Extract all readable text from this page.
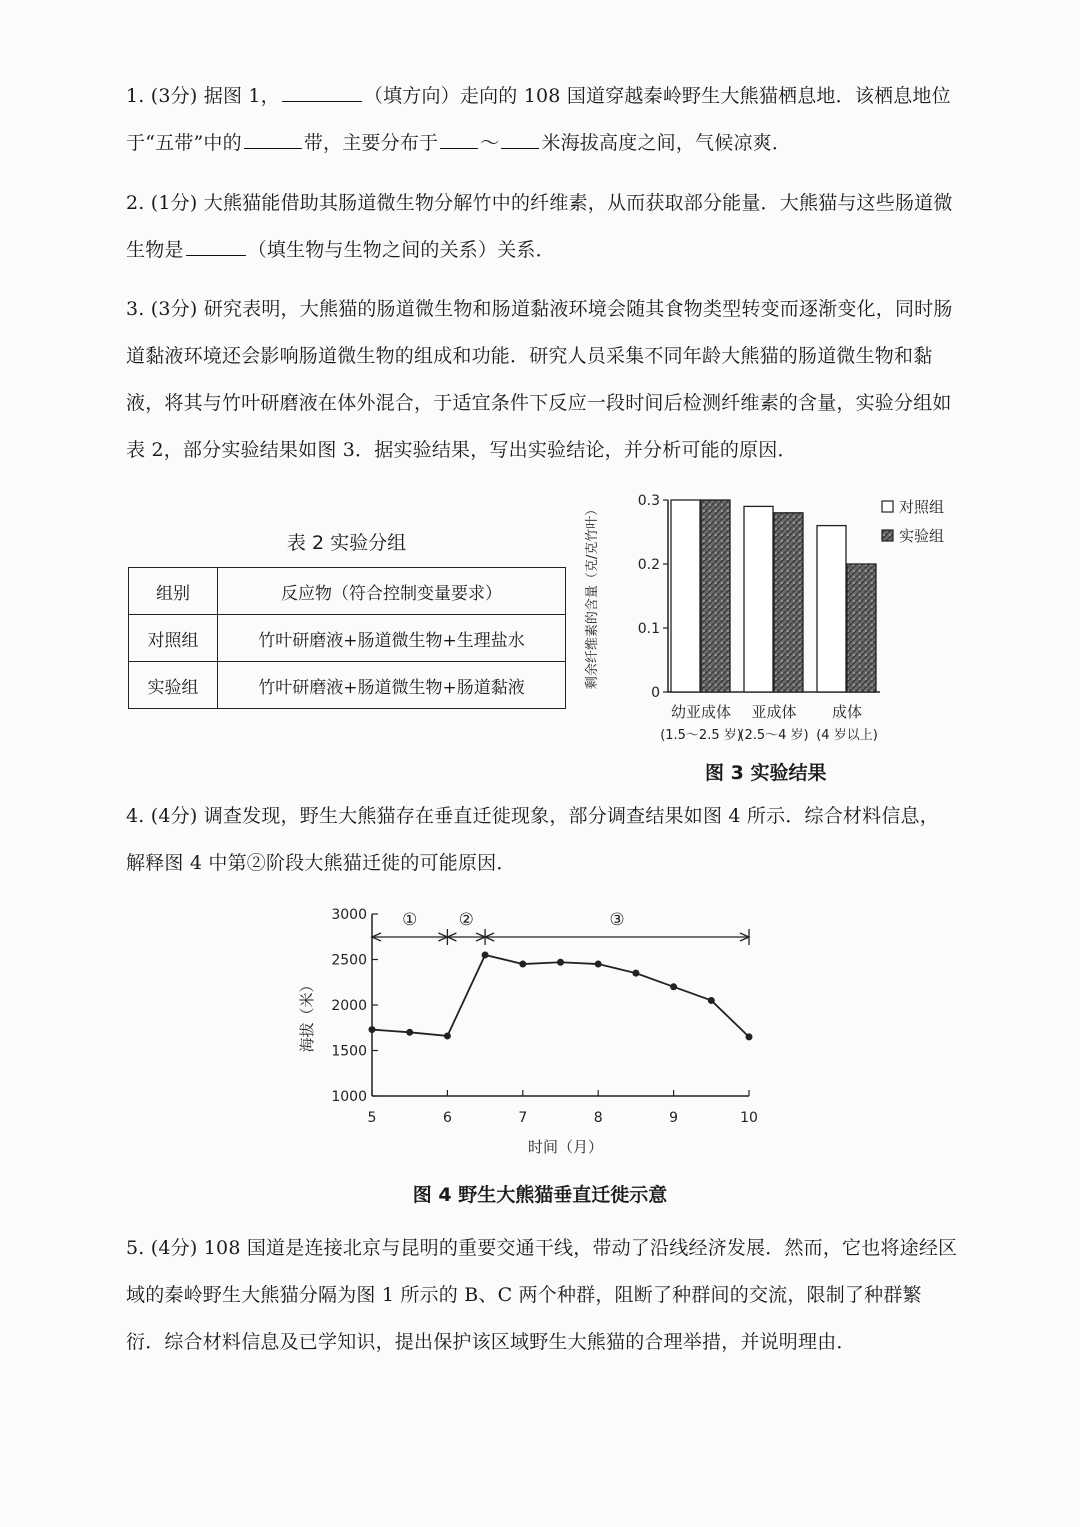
1. (3分) 据图 1，	（填方向）走向的 108 国道穿越秦岭野生大熊猫栖息地．该栖息地位于“五带”中的	带，主要分布于 ～ 米海拔高度之间，气候凉爽．
2. (1分) 大熊猫能借助其肠道微生物分解竹中的纤维素，从而获取部分能量．大熊猫与这些肠道微生物是	（填生物与生物之间的关系）关系．
3. (3分) 研究表明，大熊猫的肠道微生物和肠道黏液环境会随其食物类型转变而逐渐变化，同时肠道黏液环境还会影响肠道微生物的组成和功能．研究人员采集不同年龄大熊猫的肠道微生物和黏液，将其与竹叶研磨液在体外混合，于适宜条件下反应一段时间后检测纤维素的含量，实验分组如表 2，部分实验结果如图 3．据实验结果，写出实验结论，并分析可能的原因．
表 2 实验分组
组别	反应物（符合控制变量要求）
对照组	竹叶研磨液+肠道微生物+生理盐水
实验组	竹叶研磨液+肠道微生物+肠道黏液	0
0.1
0.2
0.3
剩余纤维素的含量（克/克竹叶）
幼亚成体
(1.5～2.5 岁)
亚成体
(2.5～4 岁)
成体
(4 岁以上)
对照组
实验组
图 3 实验结果
4. (4分) 调查发现，野生大熊猫存在垂直迁徙现象，部分调查结果如图 4 所示．综合材料信息，解释图 4 中第②阶段大熊猫迁徙的可能原因．
1000
1500
2000
2500
3000
5	6	7	8	9	10
时间（月）
海拔（米）
① ②	③
图 4 野生大熊猫垂直迁徙示意
5. (4分) 108 国道是连接北京与昆明的重要交通干线，带动了沿线经济发展．然而，它也将途经区域的秦岭野生大熊猫分隔为图 1 所示的 B、C 两个种群，阻断了种群间的交流，限制了种群繁衍．综合材料信息及已学知识，提出保护该区域野生大熊猫的合理举措，并说明理由．
